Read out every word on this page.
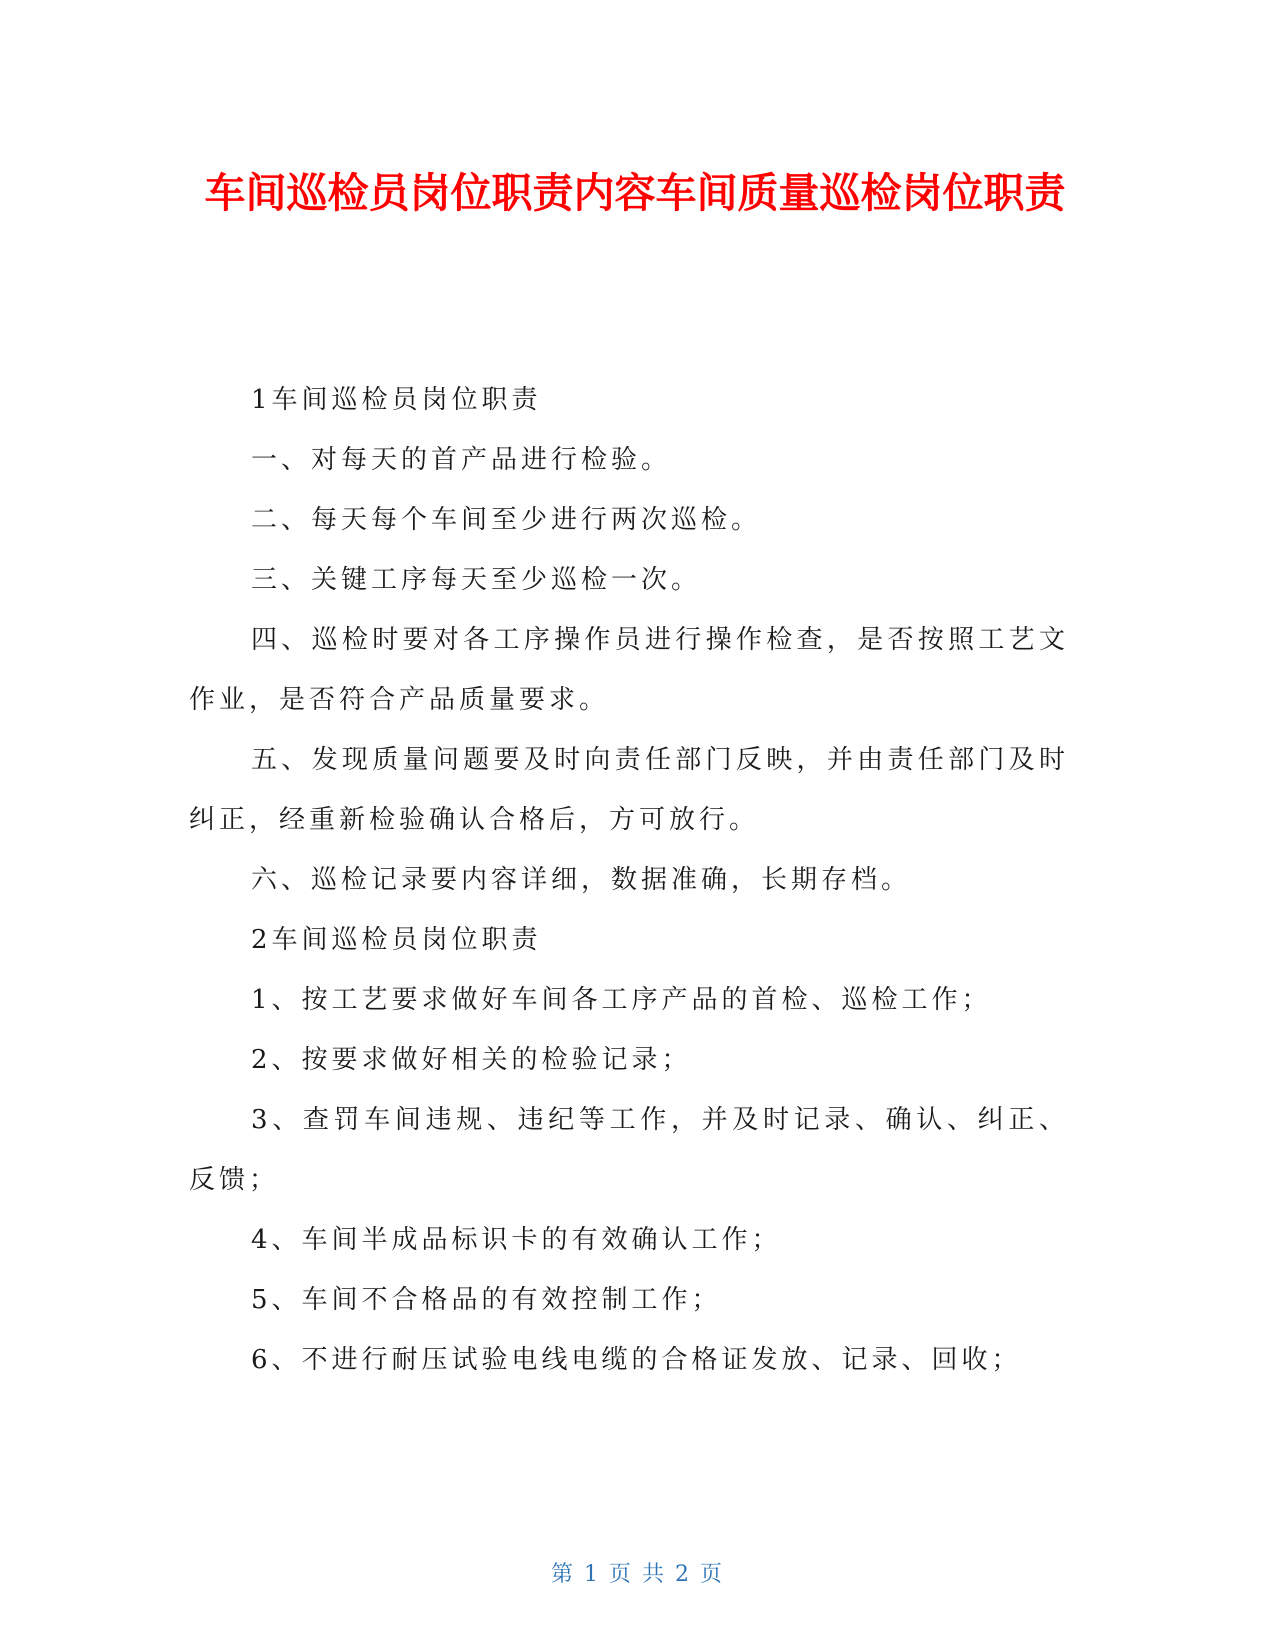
车间巡检员岗位职责内容车间质量巡检岗位职责

1车间巡检员岗位职责

一、对每天的首产品进行检验。

二、每天每个车间至少进行两次巡检。

三、关键工序每天至少巡检一次。

四、巡检时要对各工序操作员进行操作检查，是否按照工艺文作业，是否符合产品质量要求。

五、发现质量问题要及时向责任部门反映，并由责任部门及时纠正，经重新检验确认合格后，方可放行。

六、巡检记录要内容详细，数据准确，长期存档。

2车间巡检员岗位职责

1、按工艺要求做好车间各工序产品的首检、巡检工作；

2、按要求做好相关的检验记录；

3、查罚车间违规、违纪等工作，并及时记录、确认、纠正、反馈；

4、车间半成品标识卡的有效确认工作；

5、车间不合格品的有效控制工作；

6、不进行耐压试验电线电缆的合格证发放、记录、回收；

第 1 页 共 2 页
